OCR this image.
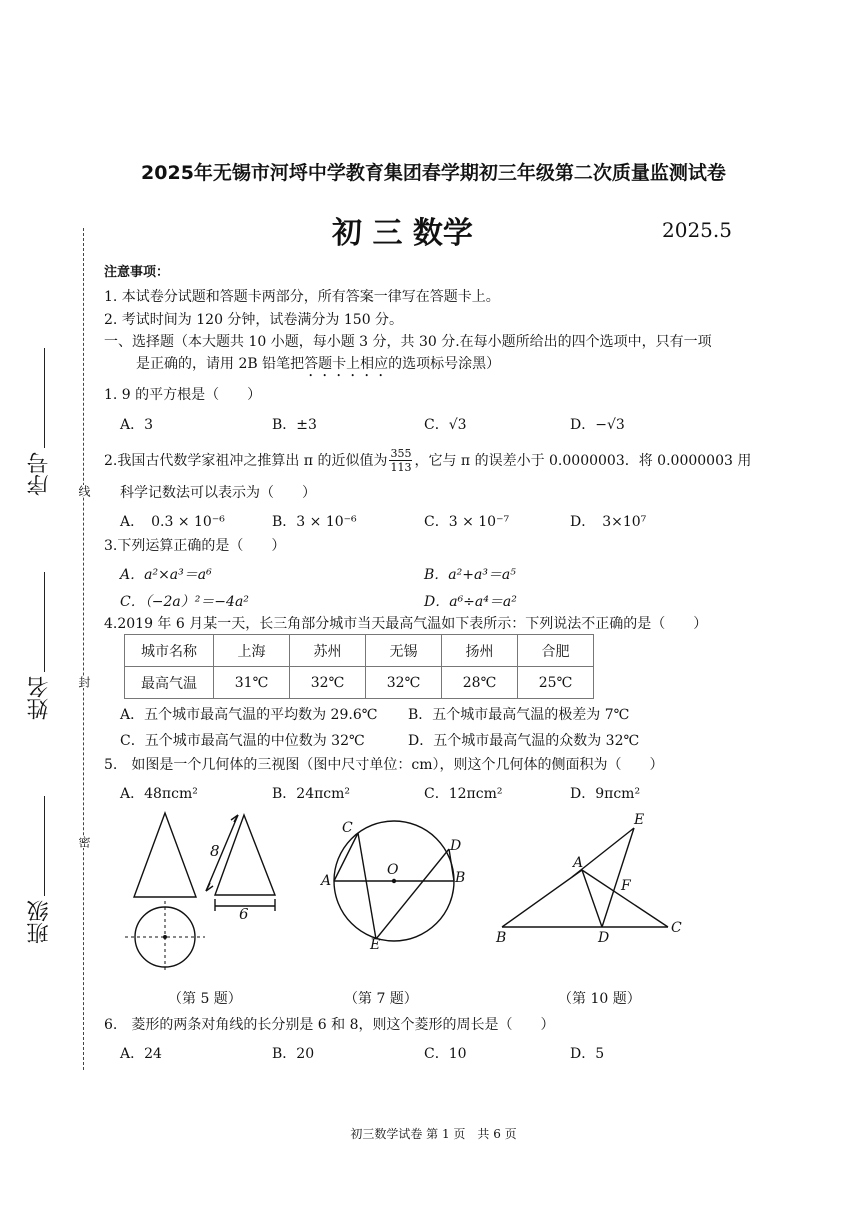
2025年无锡市河埒中学教育集团春学期初三年级第二次质量监测试卷
初 三 数学	2025.5
序号
姓名
班级
线
封
密
注意事项：
1. 本试卷分试题和答题卡两部分，所有答案一律写在答题卡上。
2. 考试时间为 120 分钟，试卷满分为 150 分。
一、选择题（本大题共 10 小题，每小题 3 分，共 30 分.在每小题所给出的四个选项中，只有一项
是正确的，请用 2B 铅笔把答题卡上相应的选项标号涂黑）
1. 9 的平方根是（　　）
A．3	B．±3	C．√3	D．−√3
2.我国古代数学家祖冲之推算出 π 的近似值为 $\frac{355}{113}$ ，它与 π 的误差小于 0.0000003．将 0.0000003 用
科学记数法可以表示为（　　）
A．　0.3 × 10⁻⁶	B．3 × 10⁻⁶	C．3 × 10⁻⁷	D．　3×10⁷
3.下列运算正确的是（　　）
A．a²×a³＝a⁶	B．a²+a³＝a⁵
C．（−2a）²＝−4a²	D．a⁶÷a⁴＝a²
4.2019 年 6 月某一天，长三角部分城市当天最高气温如下表所示：下列说法不正确的是（　　）
城市名称	上海	苏州	无锡	扬州	合肥
最高气温	31℃	32℃	32℃	28℃	25℃
A．五个城市最高气温的平均数为 29.6℃ B．五个城市最高气温的极差为 7℃
C．五个城市最高气温的中位数为 32℃	D．五个城市最高气温的众数为 32℃
5.　如图是一个几何体的三视图（图中尺寸单位：cm），则这个几何体的侧面积为（　　）
A．48πcm²	B．24πcm²	C．12πcm²	D．9πcm²
8
6
（第 5 题）
C
D
O
A	B
E
（第 7 题）
E
A
F
B	D
C
（第 10 题）
6.　菱形的两条对角线的长分别是 6 和 8，则这个菱形的周长是（　　）
A．24	B．20	C．10	D．5
初三数学试卷 第 1 页　共 6 页
